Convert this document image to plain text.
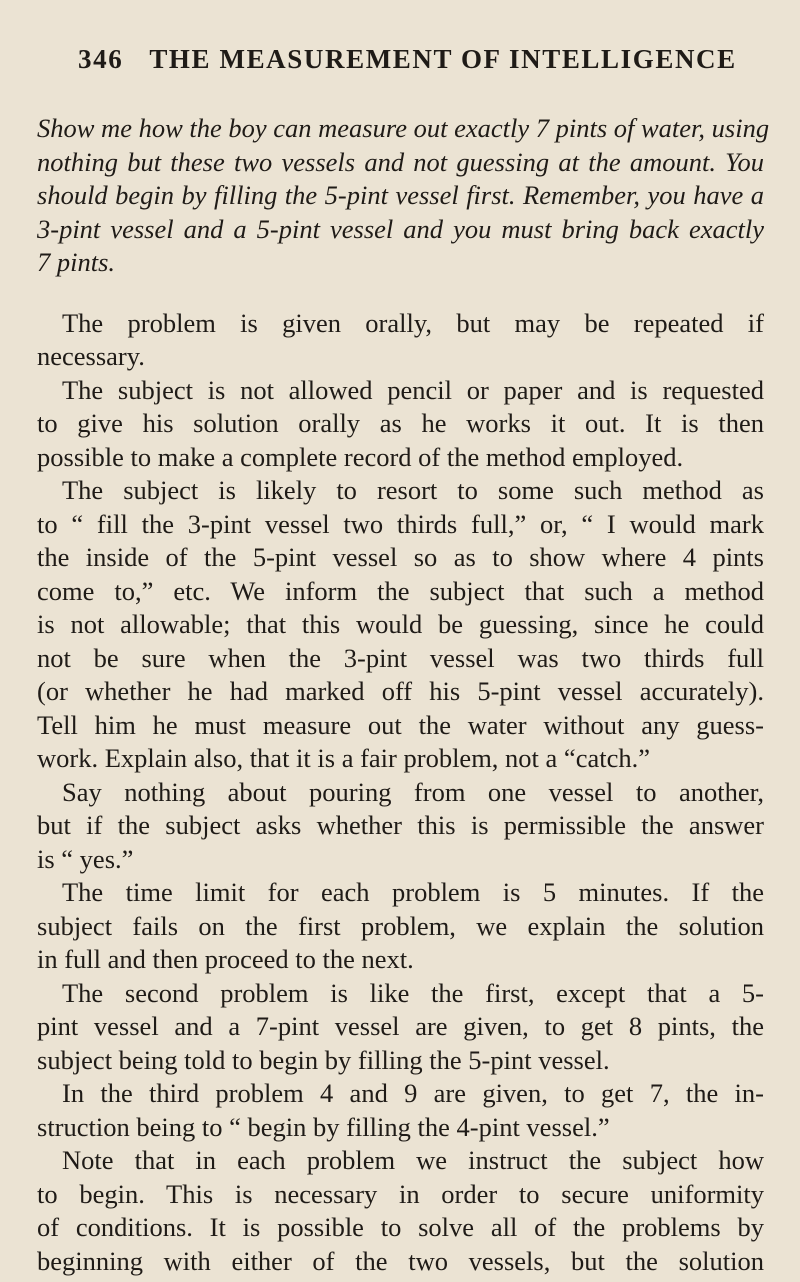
346 THE MEASUREMENT OF INTELLIGENCE
Show me how the boy can measure out exactly 7 pints of water, using
nothing but these two vessels and not guessing at the amount. You
should begin by filling the 5-pint vessel first. Remember, you have a
3-pint vessel and a 5-pint vessel and you must bring back exactly
7 pints.
The problem is given orally, but may be repeated if
necessary.
The subject is not allowed pencil or paper and is requested
to give his solution orally as he works it out. It is then
possible to make a complete record of the method employed.
The subject is likely to resort to some such method as
to “ fill the 3-pint vessel two thirds full,” or, “ I would mark
the inside of the 5-pint vessel so as to show where 4 pints
come to,” etc. We inform the subject that such a method
is not allowable; that this would be guessing, since he could
not be sure when the 3-pint vessel was two thirds full
(or whether he had marked off his 5-pint vessel accurately).
Tell him he must measure out the water without any guess-
work. Explain also, that it is a fair problem, not a “catch.”
Say nothing about pouring from one vessel to another,
but if the subject asks whether this is permissible the answer
is “ yes.”
The time limit for each problem is 5 minutes. If the
subject fails on the first problem, we explain the solution
in full and then proceed to the next.
The second problem is like the first, except that a 5-
pint vessel and a 7-pint vessel are given, to get 8 pints, the
subject being told to begin by filling the 5-pint vessel.
In the third problem 4 and 9 are given, to get 7, the in-
struction being to “ begin by filling the 4-pint vessel.”
Note that in each problem we instruct the subject how
to begin. This is necessary in order to secure uniformity
of conditions. It is possible to solve all of the problems by
beginning with either of the two vessels, but the solution
